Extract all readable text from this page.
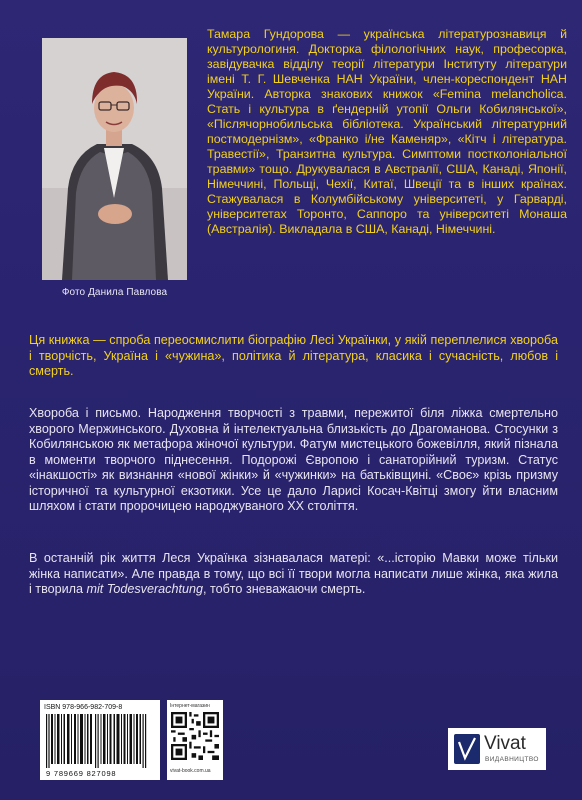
Фото Данила Павлова

Тамара Гундорова — українська літературознавиця й культурологиня. Докторка філологічних наук, професорка, завідувачка відділу теорії літератури Інституту літератури імені Т. Г. Шевченка НАН України, член-кореспондент НАН України. Авторка знакових книжок «Femina melancholica. Стать і культура в ґендерній утопії Ольги Кобилянської», «Післячорнобильська бібліотека. Український літературний постмодернізм», «Франко і/не Каменяр», «Кітч і література. Травестії», Транзитна культура. Симптоми постколоніальної травми» тощо. Друкувалася в Австралії, США, Канаді, Японії, Німеччині, Польщі, Чехії, Китаї, Швеції та в інших країнах. Стажувалася в Колумбійському університеті, у Гарварді, університетах Торонто, Саппоро та університеті Монаша (Австралія). Викладала в США, Канаді, Німеччині.

Ця книжка — спроба переосмислити біографію Лесі Українки, у якій переплелися хвороба і творчість, Україна і «чужина», політика й література, класика і сучасність, любов і смерть.
Хвороба і письмо. Народження творчості з травми, пережитої біля ліжка смертельно хворого Мержинського. Духовна й інтелектуальна близькість до Драгоманова. Стосунки з Кобилянською як метафора жіночої культури. Фатум мистецького божевілля, який пізнала в моменти творчого піднесення. Подорожі Європою і санаторійний туризм. Статус «інакшості» як визнання «нової жінки» й «чужинки» на батьківщині. «Своє» крізь призму історичної та культурної екзотики. Усе це дало Ларисі Косач-Квітці змогу йти власним шляхом і стати пророчицею народжуваного ХХ століття.
В останній рік життя Леся Українка зізнавалася матері: «...історію Мавки може тільки жінка написати». Але правда в тому, що всі її твори могла написати лише жінка, яка жила і творила mit Todesverachtung, тобто зневажаючи смерть.
ISBN 978-966-982-709-8
9 789669 827098
Інтернет-магазин
vivat-book.com.ua
Vivat
ВИДАВНИЦТВО
